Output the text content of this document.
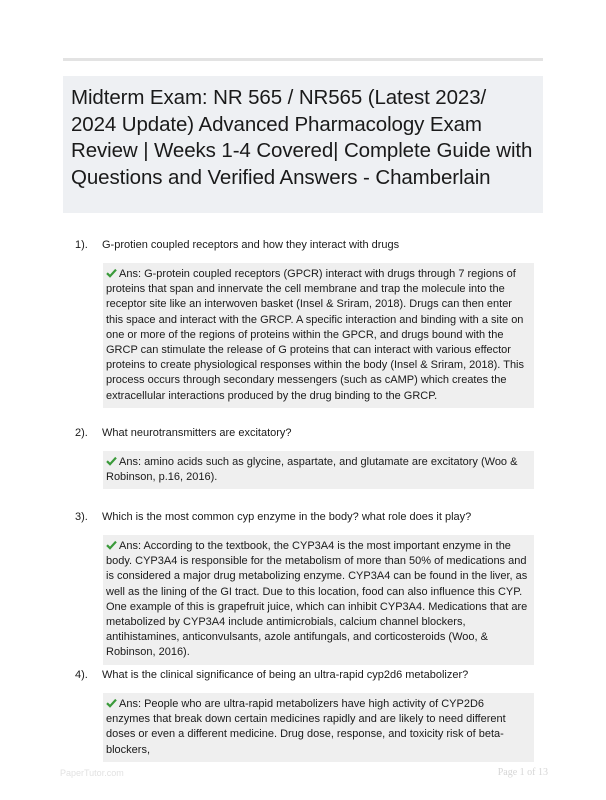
Midterm Exam: NR 565 / NR565 (Latest 2023/ 2024 Update) Advanced Pharmacology Exam Review | Weeks 1-4 Covered| Complete Guide with Questions and Verified Answers - Chamberlain
1). G-protien coupled receptors and how they interact with drugs
Ans: G-protein coupled receptors (GPCR) interact with drugs through 7 regions of proteins that span and innervate the cell membrane and trap the molecule into the receptor site like an interwoven basket (Insel & Sriram, 2018). Drugs can then enter this space and interact with the GRCP. A specific interaction and binding with a site on one or more of the regions of proteins within the GPCR, and drugs bound with the GRCP can stimulate the release of G proteins that can interact with various effector proteins to create physiological responses within the body (Insel & Sriram, 2018). This process occurs through secondary messengers (such as cAMP) which creates the extracellular interactions produced by the drug binding to the GRCP.
2). What neurotransmitters are excitatory?
Ans: amino acids such as glycine, aspartate, and glutamate are excitatory (Woo & Robinson, p.16, 2016).
3). Which is the most common cyp enzyme in the body? what role does it play?
Ans: According to the textbook, the CYP3A4 is the most important enzyme in the body. CYP3A4 is responsible for the metabolism of more than 50% of medications and is considered a major drug metabolizing enzyme. CYP3A4 can be found in the liver, as well as the lining of the GI tract. Due to this location, food can also influence this CYP. One example of this is grapefruit juice, which can inhibit CYP3A4. Medications that are metabolized by CYP3A4 include antimicrobials, calcium channel blockers, antihistamines, anticonvulsants, azole antifungals, and corticosteroids (Woo, & Robinson, 2016).
4). What is the clinical significance of being an ultra-rapid cyp2d6 metabolizer?
Ans: People who are ultra-rapid metabolizers have high activity of CYP2D6 enzymes that break down certain medicines rapidly and are likely to need different doses or even a different medicine. Drug dose, response, and toxicity risk of beta-blockers,
PaperTutor.com	Page 1 of 13
